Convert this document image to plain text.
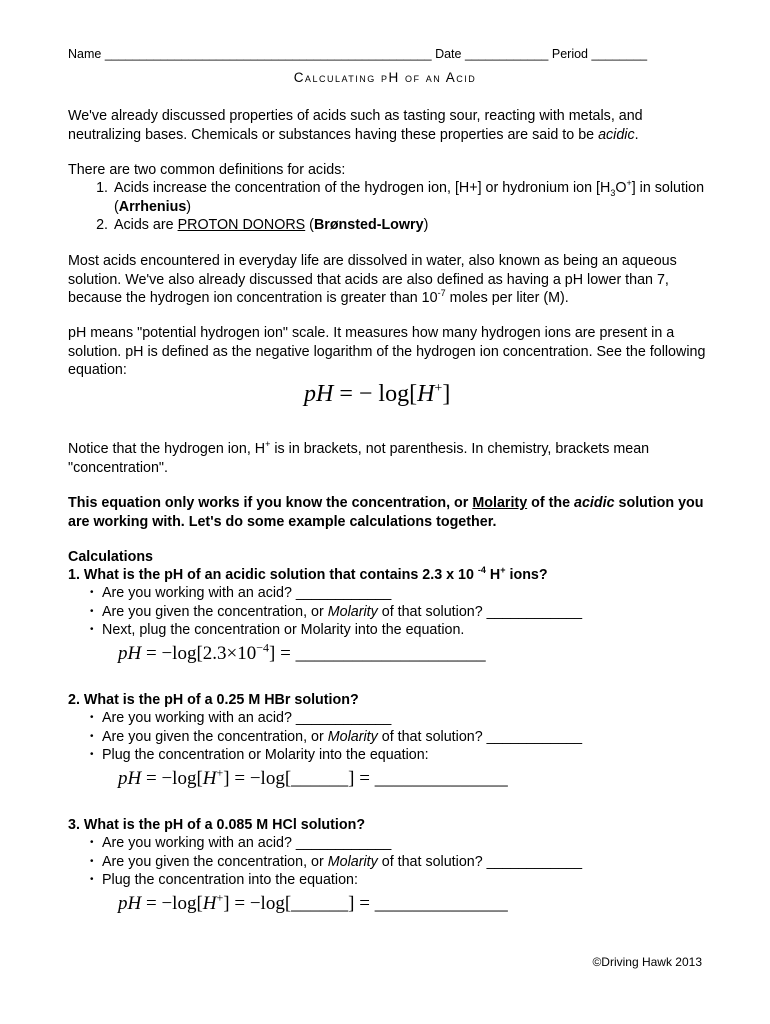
Name _______________________________________________ Date ____________ Period ________
Calculating pH of an Acid
We've already discussed properties of acids such as tasting sour, reacting with metals, and neutralizing bases. Chemicals or substances having these properties are said to be acidic.
There are two common definitions for acids:
1. Acids increase the concentration of the hydrogen ion, [H+] or hydronium ion $[H_3O^+]$ in solution (Arrhenius)
2. Acids are PROTON DONORS (Brønsted-Lowry)
Most acids encountered in everyday life are dissolved in water, also known as being an aqueous solution. We've also already discussed that acids are also defined as having a pH lower than 7, because the hydrogen ion concentration is greater than $10^{-7}$ moles per liter (M).
pH means "potential hydrogen ion" scale. It measures how many hydrogen ions are present in a solution. pH is defined as the negative logarithm of the hydrogen ion concentration. See the following equation:
pH = − log[H+]
Notice that the hydrogen ion, H+ is in brackets, not parenthesis. In chemistry, brackets mean "concentration".
This equation only works if you know the concentration, or Molarity of the acidic solution you are working with. Let's do some example calculations together.
Calculations
1. What is the pH of an acidic solution that contains 2.3 x 10 $^{-4}$ H+ ions?
• Are you working with an acid? ____________
• Are you given the concentration, or Molarity of that solution? ____________
• Next, plug the concentration or Molarity into the equation.
pH = $-\log[2.3\times 10^{-4}]$ = ____________________
2. What is the pH of a 0.25 M HBr solution?
• Are you working with an acid? ____________
• Are you given the concentration, or Molarity of that solution? ____________
• Plug the concentration or Molarity into the equation:
pH = −log[H+] = −log[______] = ______________
3. What is the pH of a 0.085 M HCl solution?
• Are you working with an acid? ____________
• Are you given the concentration, or Molarity of that solution? ____________
• Plug the concentration into the equation:
pH = −log[H+] = −log[______] = ______________
©Driving Hawk 2013
